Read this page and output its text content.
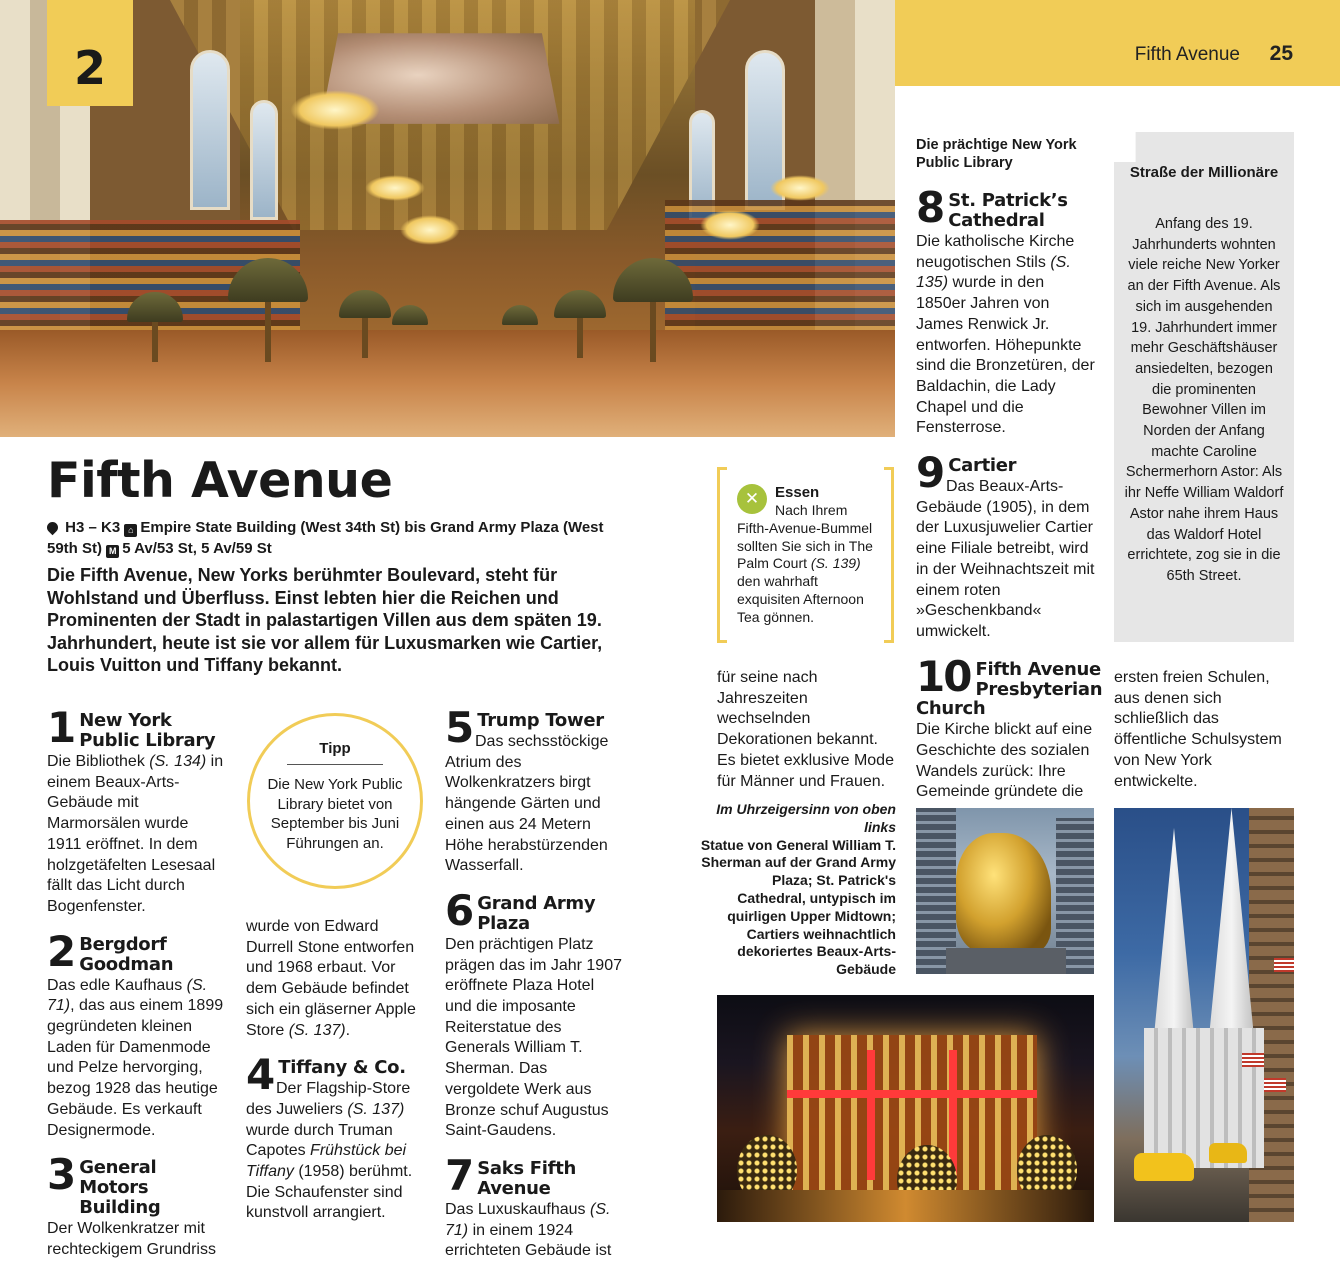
2	Fifth Avenue 25
Fifth Avenue
H3 – K3 ⌂ Empire State Building (West 34th St) bis Grand Army Plaza (West 59th St) M 5 Av/53 St, 5 Av/59 St
Die Fifth Avenue, New Yorks berühmter Boulevard, steht für Wohlstand und Überfluss. Einst lebten hier die Reichen und Prominenten der Stadt in palastartigen Villen aus dem späten 19. Jahrhundert, heute ist sie vor allem für Luxusmarken wie Cartier, Louis Vuitton und Tiffany bekannt.
1 New York
Public Library
Die Bibliothek (S. 134) in einem Beaux-Arts-Gebäude mit Marmorsälen wurde 1911 eröffnet. In dem holzgetäfelten Lesesaal fällt das Licht durch Bogenfenster.
2 Bergdorf
Goodman
Das edle Kaufhaus (S. 71), das aus einem 1899 gegründeten kleinen Laden für Damenmode und Pelze hervorging, bezog 1928 das heutige Gebäude. Es verkauft Designermode.
3 General Motors
Building
Der Wolkenkratzer mit rechteckigem Grundriss
Tipp
Die New York Public Library bietet von September bis Juni Führungen an.
wurde von Edward Durrell Stone entworfen und 1968 erbaut. Vor dem Gebäude befindet sich ein gläserner Apple Store (S. 137).
4 Tiffany & Co.
Der Flagship-Store des Juweliers (S. 137) wurde durch Truman Capotes Frühstück bei Tiffany (1958) berühmt. Die Schaufenster sind kunstvoll arrangiert.
5 Trump Tower
Das sechsstöckige Atrium des Wolkenkratzers birgt hängende Gärten und einen aus 24 Metern Höhe herabstürzenden Wasserfall.
6 Grand Army
Plaza
Den prächtigen Platz prägen das im Jahr 1907 eröffnete Plaza Hotel und die imposante Reiterstatue des Generals William T. Sherman. Das vergoldete Werk aus Bronze schuf Augustus Saint-Gaudens.
7 Saks Fifth
Avenue
Das Luxuskaufhaus (S. 71) in einem 1924 errichteten Gebäude ist
✕	Essen
Nach Ihrem Fifth-Avenue-Bummel sollten Sie sich in The Palm Court (S. 139) den wahrhaft exquisiten Afternoon Tea gönnen.
für seine nach Jahreszeiten wechselnden Dekorationen bekannt. Es bietet exklusive Mode für Männer und Frauen.
Die prächtige New York Public Library
8 St. Patrick’s
Cathedral
Die katholische Kirche neugotischen Stils (S. 135) wurde in den 1850er Jahren von James Renwick Jr. entworfen. Höhepunkte sind die Bronzetüren, der Baldachin, die Lady Chapel und die Fensterrose.
9 Cartier
Das Beaux-Arts-Gebäude (1905), in dem der Luxusjuwelier Cartier eine Filiale betreibt, wird in der Weihnachtszeit mit einem roten »Geschenkband« umwickelt.
10 Fifth Avenue
Presbyterian
Church
Die Kirche blickt auf eine Geschichte des sozialen Wandels zurück: Ihre Gemeinde gründete die
Straße der Millionäre
Anfang des 19. Jahrhunderts wohnten viele reiche New Yorker an der Fifth Avenue. Als sich im ausgehenden 19. Jahrhundert immer mehr Geschäftshäuser ansiedelten, bezogen die prominenten Bewohner Villen im Norden der Anfang machte Caroline Schermerhorn Astor: Als ihr Neffe William Waldorf Astor nahe ihrem Haus das Waldorf Hotel errichtete, zog sie in die 65th Street.
ersten freien Schulen, aus denen sich schließlich das öffentliche Schulsystem von New York entwickelte.
Im Uhrzeigersinn von oben links
Statue von General William T. Sherman auf der Grand Army Plaza; St. Patrick's Cathedral, untypisch im quirligen Upper Midtown; Cartiers weihnachtlich dekoriertes Beaux-Arts-Gebäude
